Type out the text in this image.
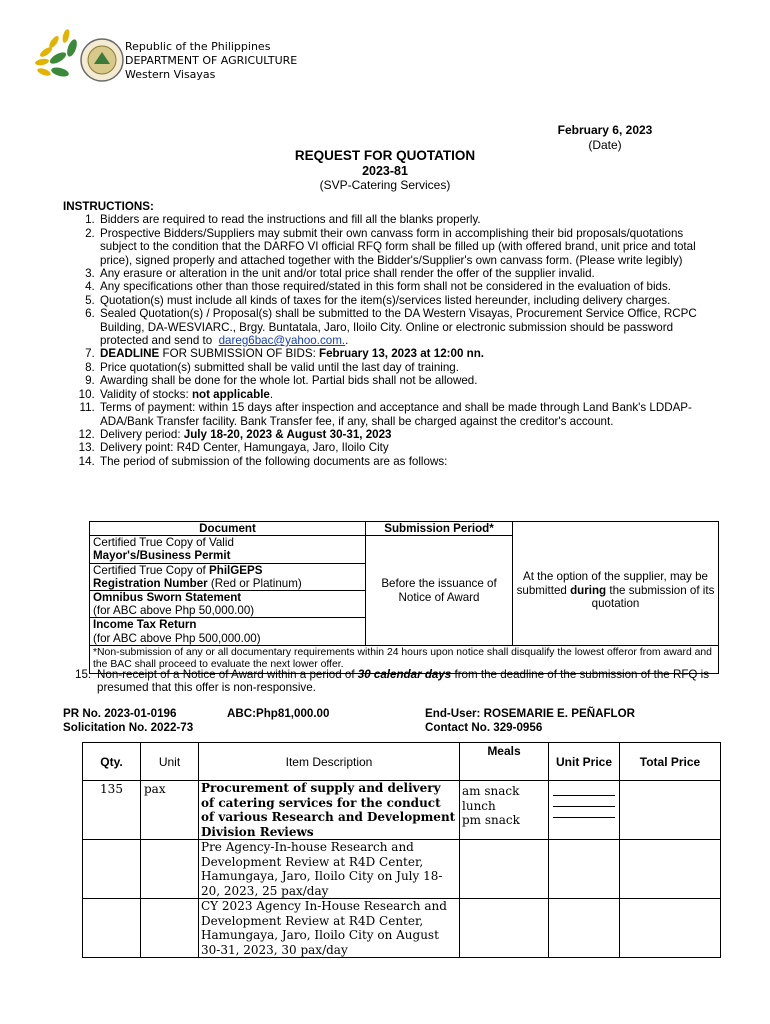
Republic of the Philippines
DEPARTMENT OF AGRICULTURE
Western Visayas
February 6, 2023
(Date)
REQUEST FOR QUOTATION
2023-81
(SVP-Catering Services)
INSTRUCTIONS:
1. Bidders are required to read the instructions and fill all the blanks properly.
2. Prospective Bidders/Suppliers may submit their own canvass form in accomplishing their bid proposals/quotations subject to the condition that the DARFO VI official RFQ form shall be filled up (with offered brand, unit price and total price), signed properly and attached together with the Bidder's/Supplier's own canvass form. (Please write legibly)
3. Any erasure or alteration in the unit and/or total price shall render the offer of the supplier invalid.
4. Any specifications other than those required/stated in this form shall not be considered in the evaluation of bids.
5. Quotation(s) must include all kinds of taxes for the item(s)/services listed hereunder, including delivery charges.
6. Sealed Quotation(s) / Proposal(s) shall be submitted to the DA Western Visayas, Procurement Service Office, RCPC Building, DA-WESVIARC., Brgy. Buntatala, Jaro, Iloilo City. Online or electronic submission should be password protected and send to dareg6bac@yahoo.com..
7. DEADLINE FOR SUBMISSION OF BIDS: February 13, 2023 at 12:00 nn.
8. Price quotation(s) submitted shall be valid until the last day of training.
9. Awarding shall be done for the whole lot. Partial bids shall not be allowed.
10. Validity of stocks: not applicable.
11. Terms of payment: within 15 days after inspection and acceptance and shall be made through Land Bank's LDDAP-ADA/Bank Transfer facility. Bank Transfer fee, if any, shall be charged against the creditor's account.
12. Delivery period: July 18-20, 2023 & August 30-31, 2023
13. Delivery point: R4D Center, Hamungaya, Jaro, Iloilo City
14. The period of submission of the following documents are as follows:
Document	Submission Period*	

Certified True Copy of Valid
Mayor's/Business Permit	Before the issuance of Notice of Award	At the option of the supplier, may be submitted during the submission of its quotation

Certified True Copy of PhilGEPS
Registration Number (Red or Platinum)		

Omnibus Sworn Statement
(for ABC above Php 50,000.00)		

Income Tax Return
(for ABC above Php 500,000.00)		

*Non-submission of any or all documentary requirements within 24 hours upon notice shall disqualify the lowest offeror from award and the BAC shall proceed to evaluate the next lower offer.		
15. Non-receipt of a Notice of Award within a period of 30 calendar days from the deadline of the submission of the RFQ is presumed that this offer is non-responsive.
PR No. 2023-01-0196	ABC:Php81,000.00
Solicitation No. 2022-73
End-User: ROSEMARIE E. PEÑAFLOR
Contact No. 329-0956
Qty.	Unit	Item Description	Meals	Unit Price	Total Price
135	pax	Procurement of supply and delivery of catering services for the conduct of various Research and Development Division Reviews	am snack
lunch
pm snack		

		Pre Agency-In-house Research and Development Review at R4D Center, Hamungaya, Jaro, Iloilo City on July 18-20, 2023, 25 pax/day			
		CY 2023 Agency In-House Research and Development Review at R4D Center, Hamungaya, Jaro, Iloilo City on August 30-31, 2023, 30 pax/day			
